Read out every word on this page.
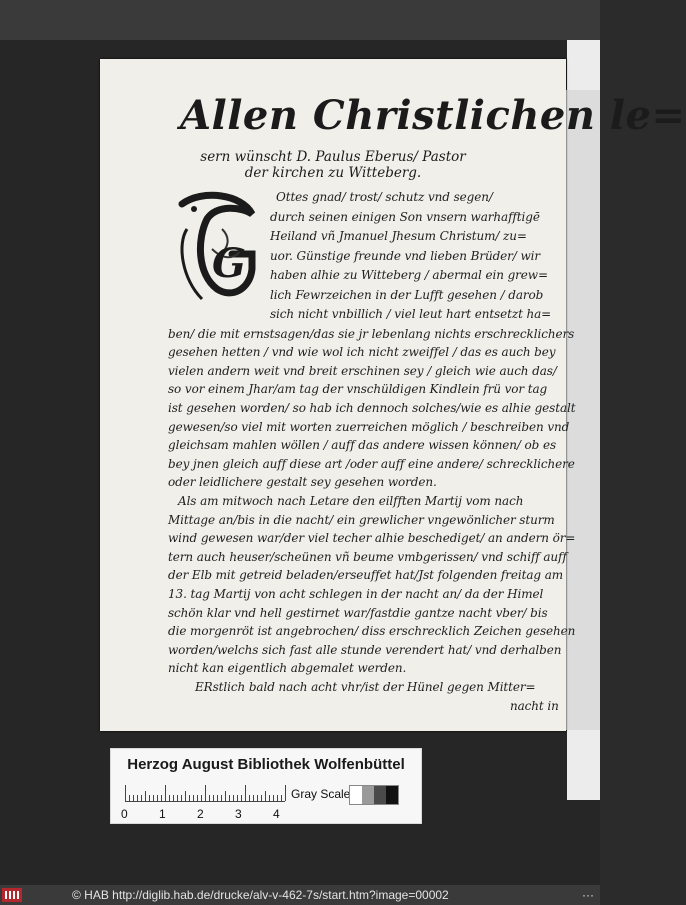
Allen Christlichen le=
sern wünscht D. Paulus Eberus/ Pastor
der kirchen zu Witteberg.
G
Ottes gnad/ trost/ schutz vnd segen/
durch seinen einigen Son vnsern warhafftigē
Heiland vñ Jmanuel Jhesum Christum/ zu=
uor. Günstige freunde vnd lieben Brüder/ wir
haben alhie zu Witteberg / abermal ein grew=
lich Fewrzeichen in der Lufft gesehen / darob
sich nicht vnbillich / viel leut hart entsetzt ha=
ben/ die mit ernstsagen/das sie jr lebenlang nichts erschrecklichers
gesehen hetten / vnd wie wol ich nicht zweiffel / das es auch bey
vielen andern weit vnd breit erschinen sey / gleich wie auch das/
so vor einem Jhar/am tag der vnschüldigen Kindlein frü vor tag
ist gesehen worden/ so hab ich dennoch solches/wie es alhie gestalt
gewesen/so viel mit worten zuerreichen möglich / beschreiben vnd
gleichsam mahlen wöllen / auff das andere wissen können/ ob es
bey jnen gleich auff diese art /oder auff eine andere/ schrecklichere
oder leidlichere gestalt sey gesehen worden.
Als am mitwoch nach Letare den eilfften Martij vom nach
Mittage an/bis in die nacht/ ein grewlicher vngewönlicher sturm
wind gewesen war/der viel techer alhie beschediget/ an andern ör=
tern auch heuser/scheünen vñ beume vmbgerissen/ vnd schiff auff
der Elb mit getreid beladen/erseuffet hat/Jst folgenden freitag am
13. tag Martij von acht schlegen in der nacht an/ da der Himel
schön klar vnd hell gestirnet war/fastdie gantze nacht vber/ bis
die morgenröt ist angebrochen/ diss erschrecklich Zeichen gesehen
worden/welchs sich fast alle stunde verendert hat/ vnd derhalben
nicht kan eigentlich abgemalet werden.
ERstlich bald nach acht vhr/ist der Hünel gegen Mitter=
nacht in
Herzog August Bibliothek Wolfenbüttel
0	1	2	3	4
Gray Scale
© HAB http://diglib.hab.de/drucke/alv-v-462-7s/start.htm?image=00002	···
